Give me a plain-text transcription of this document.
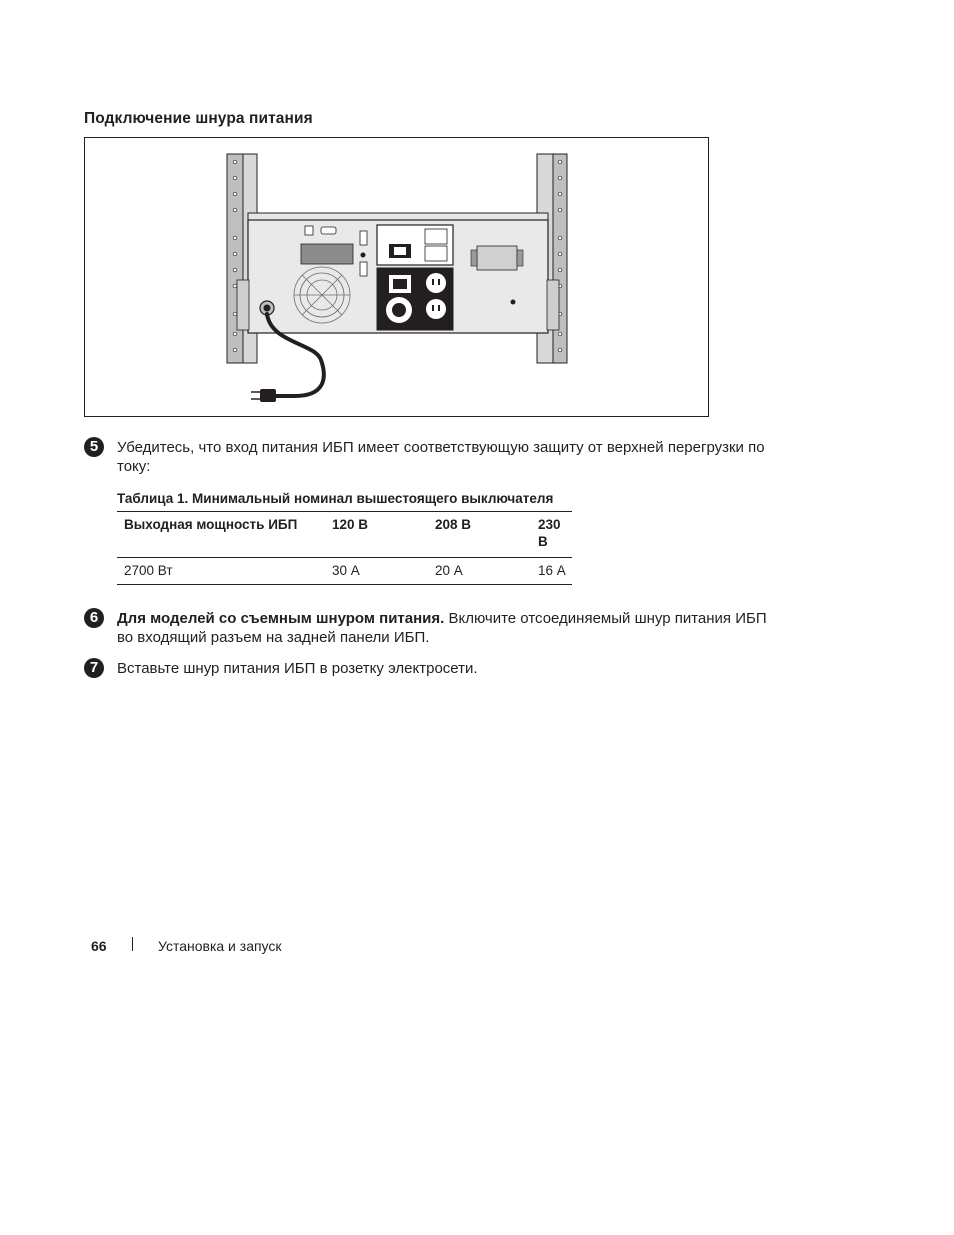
Подключение шнура питания
5	Убедитесь, что вход питания ИБП имеет соответствующую защиту от верхней перегрузки по току:

Таблица 1. Минимальный номинал вышестоящего выключателя

Выходная мощность ИБП	120 В	208 В	230 В
2700 Вт	30 А	20 А	16 А
6	Для моделей со съемным шнуром питания. Включите отсоединяемый шнур питания ИБП во входящий разъем на задней панели ИБП.
7	Вставьте шнур питания ИБП в розетку электросети.
66	Установка и запуск
